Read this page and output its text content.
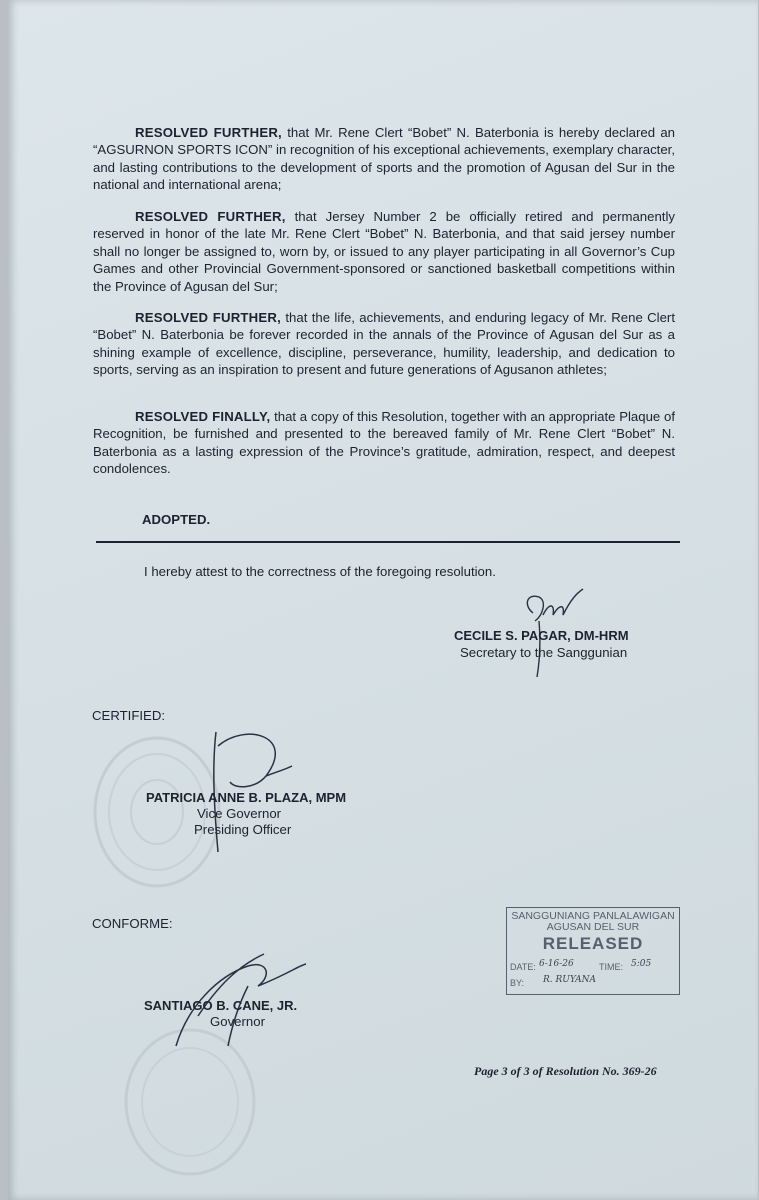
RESOLVED FURTHER, that Mr. Rene Clert “Bobet” N. Baterbonia is hereby declared an “AGSURNON SPORTS ICON” in recognition of his exceptional achievements, exemplary character, and lasting contributions to the development of sports and the promotion of Agusan del Sur in the national and international arena;

RESOLVED FURTHER, that Jersey Number 2 be officially retired and permanently reserved in honor of the late Mr. Rene Clert “Bobet” N. Baterbonia, and that said jersey number shall no longer be assigned to, worn by, or issued to any player participating in all Governor’s Cup Games and other Provincial Government-sponsored or sanctioned basketball competitions within the Province of Agusan del Sur;

RESOLVED FURTHER, that the life, achievements, and enduring legacy of Mr. Rene Clert “Bobet” N. Baterbonia be forever recorded in the annals of the Province of Agusan del Sur as a shining example of excellence, discipline, perseverance, humility, leadership, and dedication to sports, serving as an inspiration to present and future generations of Agusanon athletes;

RESOLVED FINALLY, that a copy of this Resolution, together with an appropriate Plaque of Recognition, be furnished and presented to the bereaved family of Mr. Rene Clert “Bobet” N. Baterbonia as a lasting expression of the Province’s gratitude, admiration, respect, and deepest condolences.

ADOPTED.
I hereby attest to the correctness of the foregoing resolution.
CECILE S. PAGAR, DM-HRM
Secretary to the Sanggunian
CERTIFIED:
PATRICIA ANNE B. PLAZA, MPM
Vice Governor
Presiding Officer
CONFORME:
SANTIAGO B. CANE, JR.
Governor
SANGGUNIANG PANLALAWIGAN
AGUSAN DEL SUR
RELEASED
DATE: 6-16-26	TIME: 5:05
BY: R. RUYANA
Page 3 of 3 of Resolution No. 369-26
